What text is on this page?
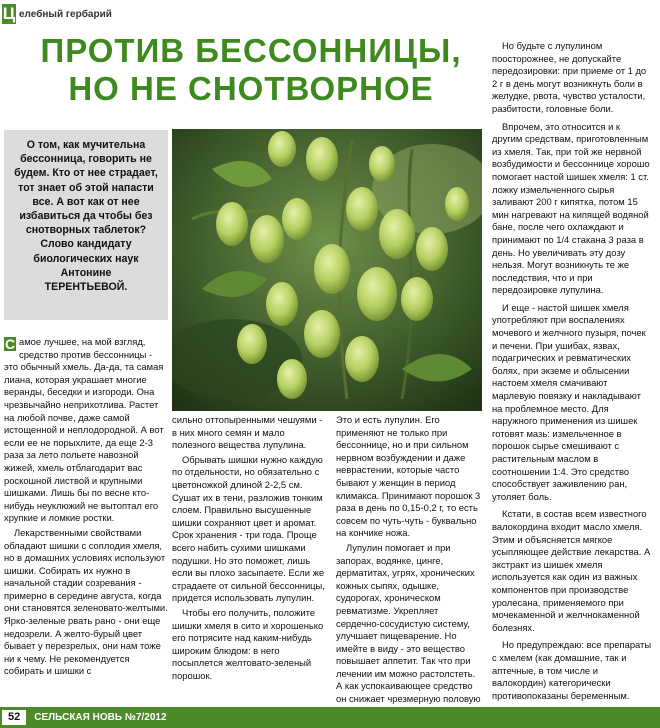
Ц елебный гербарий
ПРОТИВ БЕССОННИЦЫ,
НО НЕ СНОТВОРНОЕ
О том, как мучительна бессонница, говорить не будем. Кто от нее страдает, тот знает об этой напасти все. А вот как от нее избавиться да чтобы без снотворных таблеток? Слово кандидату биологических наук Антонине
ТЕРЕНТЬЕВОЙ.

С амое лучшее, на мой взгляд, средство против бессонницы - это обычный хмель. Да-да, та самая лиана, которая украшает многие веранды, беседки и изгороди. Она чрезвычайно неприхотлива. Растет на любой почве, даже самой истощенной и неплодородной. А вот если ее не порыхлите, да еще 2-3 раза за лето польете навозной жижей, хмель отблагодарит вас роскошной листвой и крупными шишками. Лишь бы по весне кто-нибудь неуклюжий не вытоптал его хрупкие и ломкие ростки.

Лекарственными свойствами обладают шишки с соплодия хмеля, но в домашних условиях используют шишки. Собирать их нужно в начальной стадии созревания - примерно в середине августа, когда они становятся зеленовато-желтыми. Ярко-зеленые рвать рано - они еще недозрели. А желто-бурый цвет бывает у перезрелых, они нам тоже ни к чему. Не рекомендуется собирать и шишки с

сильно оттопыренными чешуями - в них много семян и мало полезного вещества лупулина.

Обрывать шишки нужно каждую по отдельности, но обязательно с цветоножкой длиной 2-2,5 см. Сушат их в тени, разложив тонким слоем. Правильно высушенные шишки сохраняют цвет и аромат. Срок хранения - три года. Проще всего набить сухими шишками подушки. Но это поможет, лишь если вы плохо засыпаете. Если же страдаете от сильной бессонницы, придется использовать лупулин.

Чтобы его получить, положите шишки хмеля в сито и хорошенько его потрясите над каким-нибудь широким блюдом: в него посыплется желтовато-зеленый порошок.

Это и есть лупулин. Его применяют не только при бессоннице, но и при сильном нервном возбуждении и даже неврастении, которые часто бывают у женщин в период климакса. Принимают порошок 3 раза в день по 0,15-0,2 г, то есть совсем по чуть-чуть - буквально на кончике ножа.

Лупулин помогает и при запорах, водянке, цинге, дерматитах, угрях, хронических кожных сыпях, одышке, судорогах, хроническом ревматизме. Укрепляет сердечно-сосудистую систему, улучшает пищеварение. Но имейте в виду - это вещество повышает аппетит. Так что при лечении им можно растолстеть. А как успокаивающее средство он снижает чрезмерную половую

Но будьте с лупулином поосторожнее, не допускайте передозировки: при приеме от 1 до 2 г в день могут возникнуть боли в желудке, рвота, чувство усталости, разбитости, головные боли.

Впрочем, это относится и к другим средствам, приготовленным из хмеля. Так, при той же нервной возбудимости и бессоннице хорошо помогает настой шишек хмеля: 1 ст. ложку измельченного сырья заливают 200 г кипятка, потом 15 мин нагревают на кипящей водяной бане, после чего охлаждают и принимают по 1/4 стакана 3 раза в день. Но увеличивать эту дозу нельзя. Могут возникнуть те же последствия, что и при передозировке лупулина.

И еще - настой шишек хмеля употребляют при воспалениях мочевого и желчного пузыря, почек и печени. При ушибах, язвах, подагрических и ревматических болях, при экземе и облысении настоем хмеля смачивают марлевую повязку и накладывают на проблемное место. Для наружного применения из шишек готовят мазь: измельченное в порошок сырье смешивают с растительным маслом в соотношении 1:4. Это средство способствует заживлению ран, утоляет боль.

Кстати, в состав всем известного валокордина входит масло хмеля. Этим и объясняется мягкое усыпляющее действие лекарства. А экстракт из шишек хмеля используется как один из важных компонентов при производстве уролесана, применяемого при мочекаменной и желчнокаменной болезнях.

Но предупреждаю: все препараты с хмелем (как домашние, так и аптечные, в том числе и валокордин) категорически противопоказаны беременным.

52	СЕЛЬСКАЯ НОВЬ №7/2012
